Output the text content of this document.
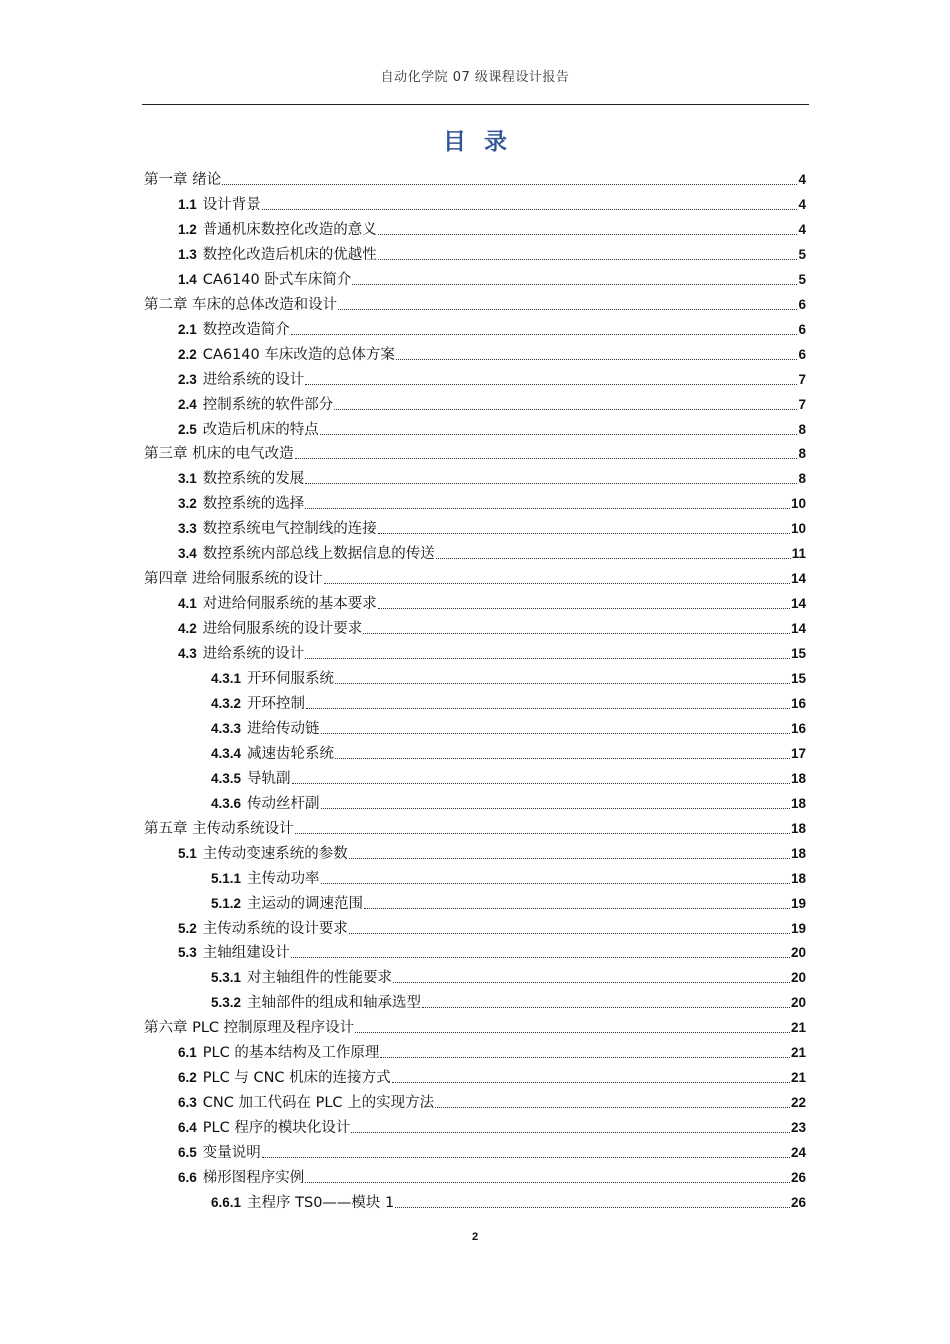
自动化学院 07 级课程设计报告
目录
第一章 绪论	4
1.1 设计背景	4
1.2 普通机床数控化改造的意义	4
1.3 数控化改造后机床的优越性	5
1.4 CA6140 卧式车床简介	5
第二章 车床的总体改造和设计	6
2.1 数控改造简介	6
2.2 CA6140 车床改造的总体方案	6
2.3 进给系统的设计	7
2.4 控制系统的软件部分	7
2.5 改造后机床的特点	8
第三章 机床的电气改造	8
3.1 数控系统的发展	8
3.2 数控系统的选择	10
3.3 数控系统电气控制线的连接	10
3.4 数控系统内部总线上数据信息的传送	11
第四章 进给伺服系统的设计	14
4.1 对进给伺服系统的基本要求	14
4.2 进给伺服系统的设计要求	14
4.3 进给系统的设计	15
4.3.1 开环伺服系统	15
4.3.2 开环控制	16
4.3.3 进给传动链	16
4.3.4 减速齿轮系统	17
4.3.5 导轨副	18
4.3.6 传动丝杆副	18
第五章 主传动系统设计	18
5.1 主传动变速系统的参数	18
5.1.1 主传动功率	18
5.1.2 主运动的调速范围	19
5.2 主传动系统的设计要求	19
5.3 主轴组建设计	20
5.3.1 对主轴组件的性能要求	20
5.3.2 主轴部件的组成和轴承选型	20
第六章 PLC 控制原理及程序设计	21
6.1 PLC 的基本结构及工作原理	21
6.2 PLC 与 CNC 机床的连接方式	21
6.3 CNC 加工代码在 PLC 上的实现方法	22
6.4 PLC 程序的模块化设计	23
6.5 变量说明	24
6.6 梯形图程序实例	26
6.6.1 主程序 TS0——模块 1	26
2
